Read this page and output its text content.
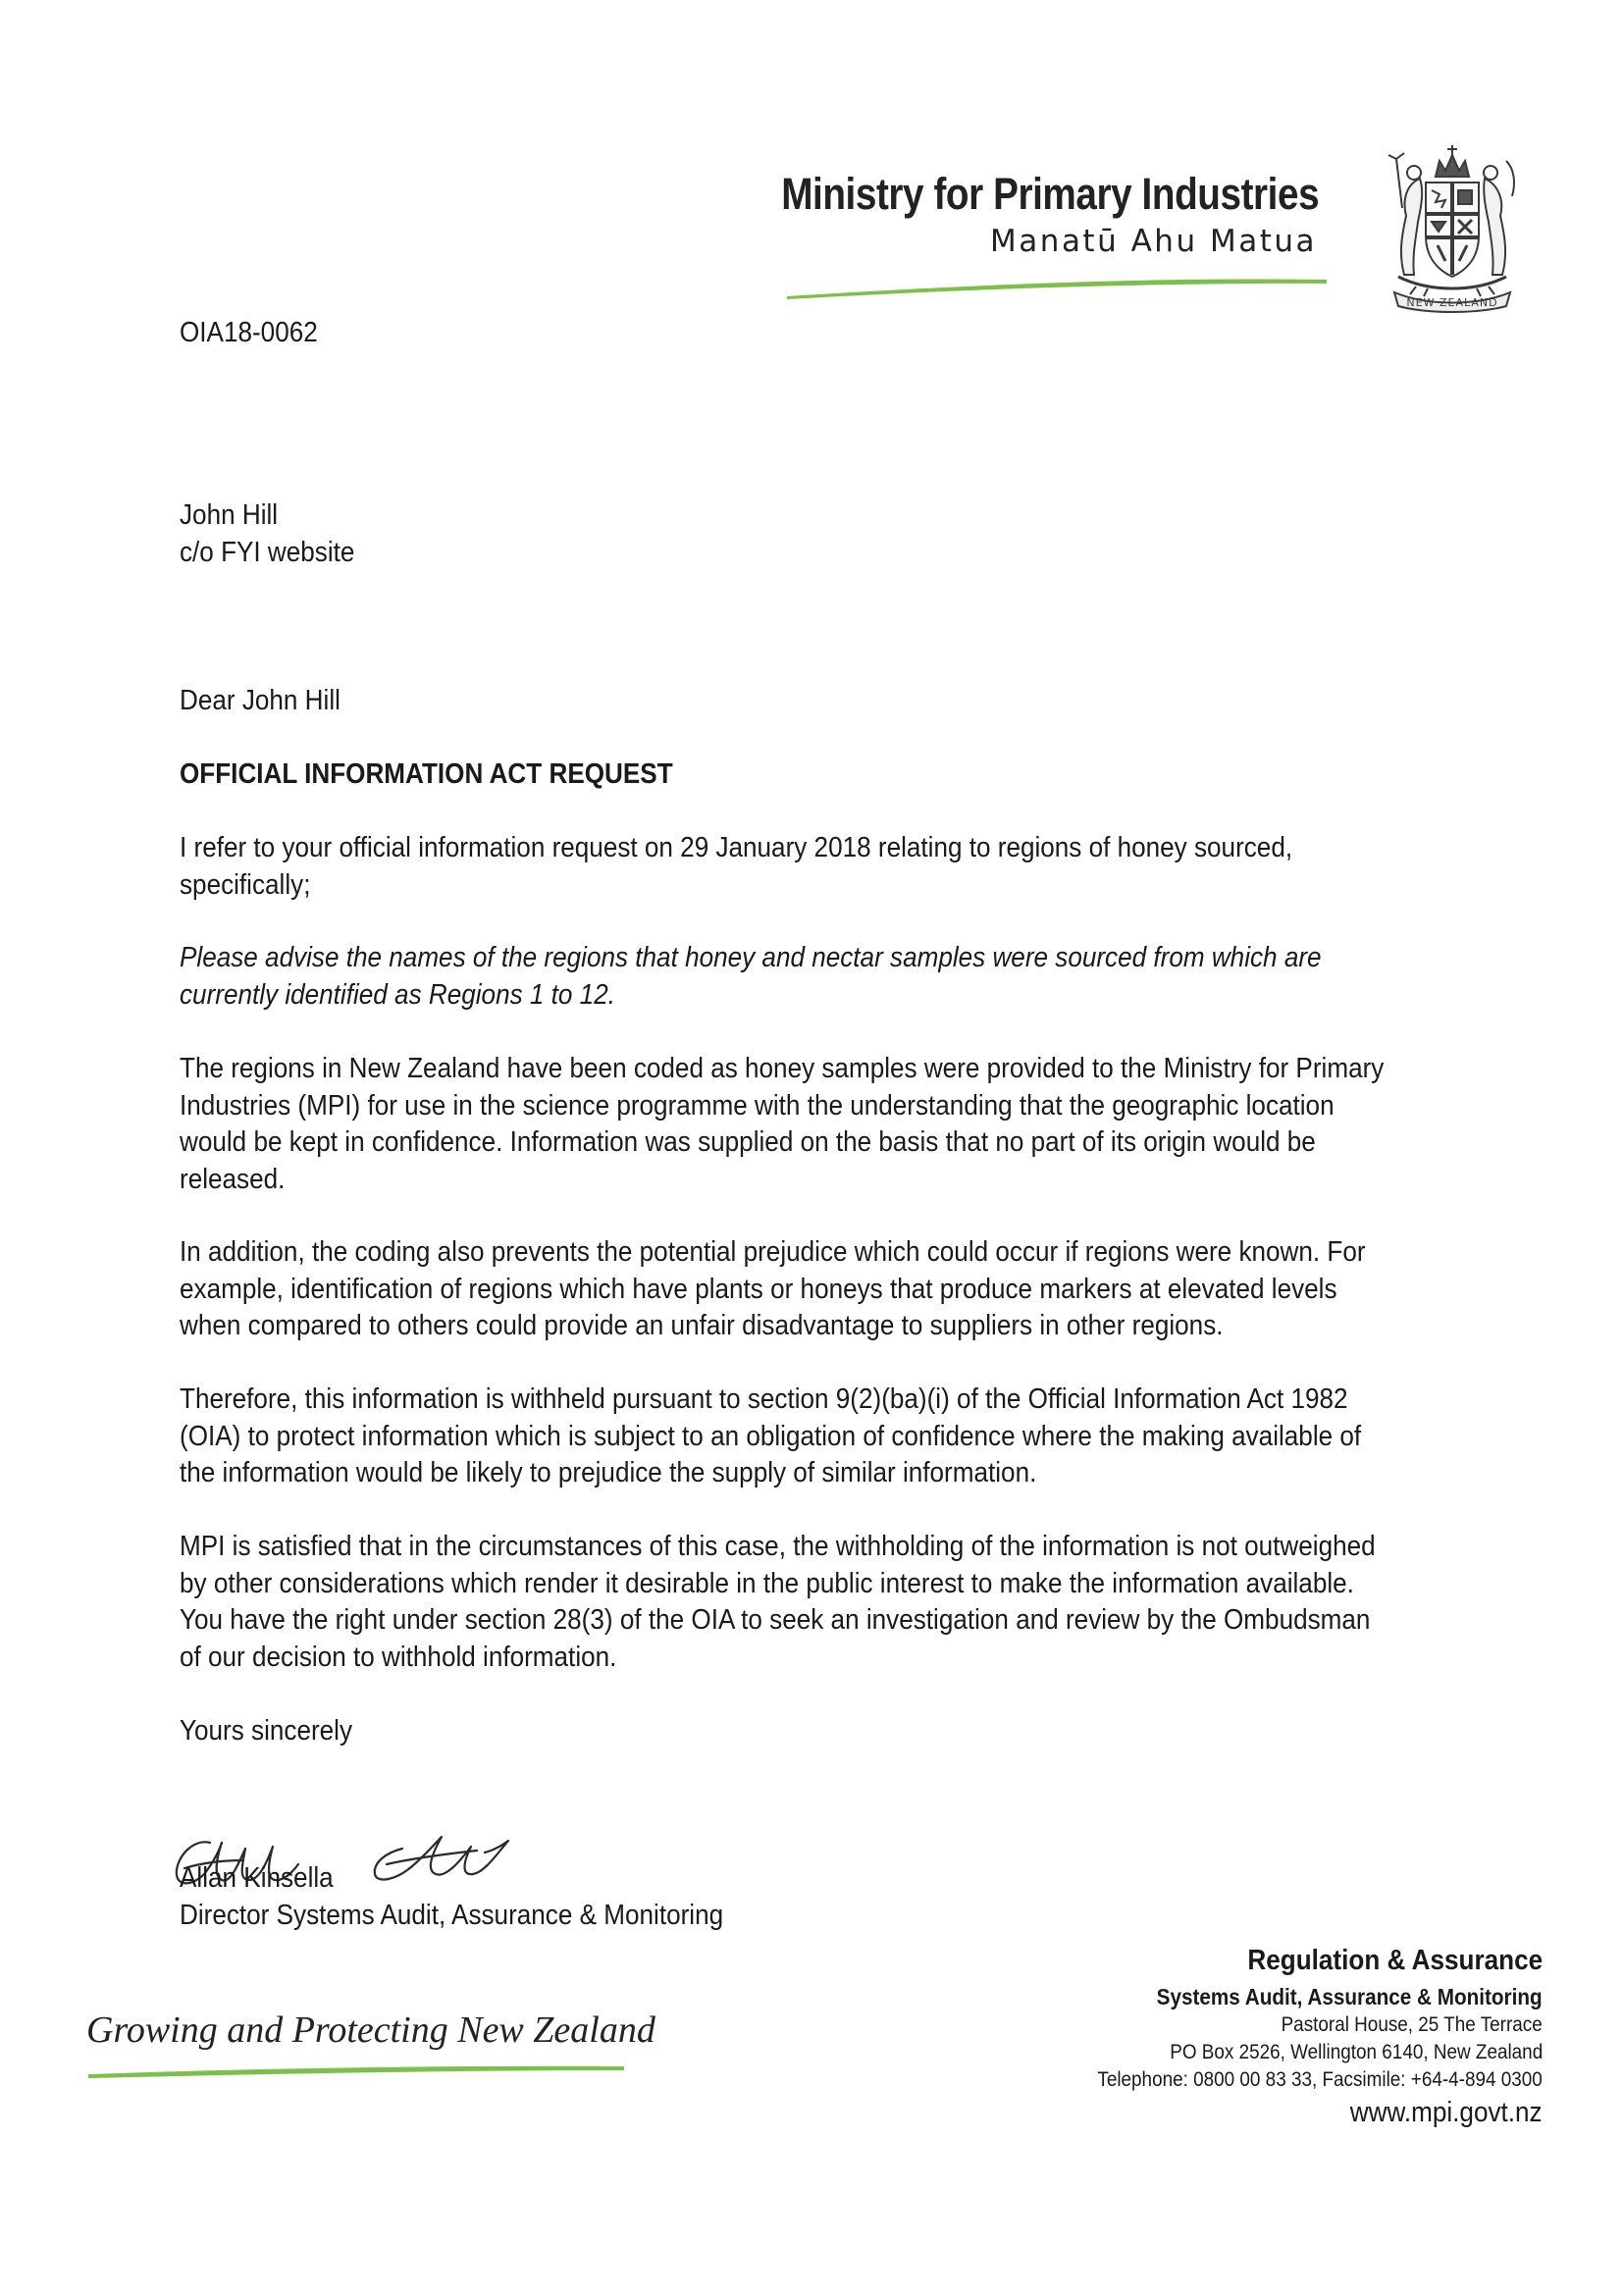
Ministry for Primary Industries
Manatū Ahu Matua
NEW ZEALAND
OIA18-0062
John Hill
c/o FYI website
Dear John Hill
OFFICIAL INFORMATION ACT REQUEST
I refer to your official information request on 29 January 2018 relating to regions of honey sourced,
specifically;
Please advise the names of the regions that honey and nectar samples were sourced from which are
currently identified as Regions 1 to 12.
The regions in New Zealand have been coded as honey samples were provided to the Ministry for Primary
Industries (MPI) for use in the science programme with the understanding that the geographic location
would be kept in confidence. Information was supplied on the basis that no part of its origin would be
released.
In addition, the coding also prevents the potential prejudice which could occur if regions were known. For
example, identification of regions which have plants or honeys that produce markers at elevated levels
when compared to others could provide an unfair disadvantage to suppliers in other regions.
Therefore, this information is withheld pursuant to section 9(2)(ba)(i) of the Official Information Act 1982
(OIA) to protect information which is subject to an obligation of confidence where the making available of
the information would be likely to prejudice the supply of similar information.
MPI is satisfied that in the circumstances of this case, the withholding of the information is not outweighed
by other considerations which render it desirable in the public interest to make the information available.
You have the right under section 28(3) of the OIA to seek an investigation and review by the Ombudsman
of our decision to withhold information.
Yours sincerely
Allan Kinsella
Director Systems Audit, Assurance & Monitoring
Growing and Protecting New Zealand
Regulation & Assurance
Systems Audit, Assurance & Monitoring
Pastoral House, 25 The Terrace
PO Box 2526, Wellington 6140, New Zealand
Telephone: 0800 00 83 33, Facsimile: +64-4-894 0300
www.mpi.govt.nz
